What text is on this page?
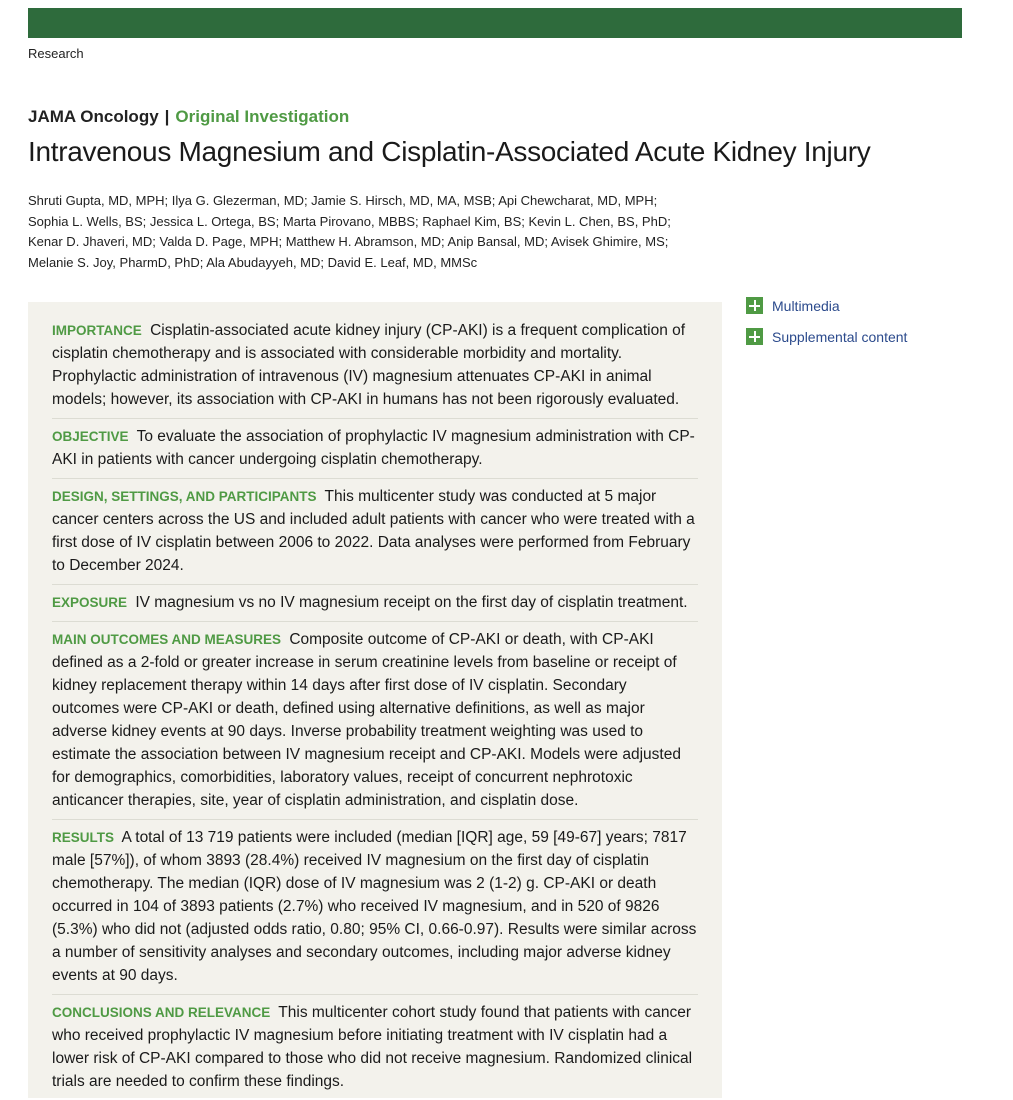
Research
JAMA Oncology | Original Investigation
Intravenous Magnesium and Cisplatin-Associated Acute Kidney Injury
Shruti Gupta, MD, MPH; Ilya G. Glezerman, MD; Jamie S. Hirsch, MD, MA, MSB; Api Chewcharat, MD, MPH;
Sophia L. Wells, BS; Jessica L. Ortega, BS; Marta Pirovano, MBBS; Raphael Kim, BS; Kevin L. Chen, BS, PhD;
Kenar D. Jhaveri, MD; Valda D. Page, MPH; Matthew H. Abramson, MD; Anip Bansal, MD; Avisek Ghimire, MS;
Melanie S. Joy, PharmD, PhD; Ala Abudayyeh, MD; David E. Leaf, MD, MMSc
IMPORTANCE Cisplatin-associated acute kidney injury (CP-AKI) is a frequent complication of cisplatin chemotherapy and is associated with considerable morbidity and mortality. Prophylactic administration of intravenous (IV) magnesium attenuates CP-AKI in animal models; however, its association with CP-AKI in humans has not been rigorously evaluated.
OBJECTIVE To evaluate the association of prophylactic IV magnesium administration with CP-AKI in patients with cancer undergoing cisplatin chemotherapy.
DESIGN, SETTINGS, AND PARTICIPANTS This multicenter study was conducted at 5 major cancer centers across the US and included adult patients with cancer who were treated with a first dose of IV cisplatin between 2006 to 2022. Data analyses were performed from February to December 2024.
EXPOSURE IV magnesium vs no IV magnesium receipt on the first day of cisplatin treatment.
MAIN OUTCOMES AND MEASURES Composite outcome of CP-AKI or death, with CP-AKI defined as a 2-fold or greater increase in serum creatinine levels from baseline or receipt of kidney replacement therapy within 14 days after first dose of IV cisplatin. Secondary outcomes were CP-AKI or death, defined using alternative definitions, as well as major adverse kidney events at 90 days. Inverse probability treatment weighting was used to estimate the association between IV magnesium receipt and CP-AKI. Models were adjusted for demographics, comorbidities, laboratory values, receipt of concurrent nephrotoxic anticancer therapies, site, year of cisplatin administration, and cisplatin dose.
RESULTS A total of 13 719 patients were included (median [IQR] age, 59 [49-67] years; 7817 male [57%]), of whom 3893 (28.4%) received IV magnesium on the first day of cisplatin chemotherapy. The median (IQR) dose of IV magnesium was 2 (1-2) g. CP-AKI or death occurred in 104 of 3893 patients (2.7%) who received IV magnesium, and in 520 of 9826 (5.3%) who did not (adjusted odds ratio, 0.80; 95% CI, 0.66-0.97). Results were similar across a number of sensitivity analyses and secondary outcomes, including major adverse kidney events at 90 days.
CONCLUSIONS AND RELEVANCE This multicenter cohort study found that patients with cancer who received prophylactic IV magnesium before initiating treatment with IV cisplatin had a lower risk of CP-AKI compared to those who did not receive magnesium. Randomized clinical trials are needed to confirm these findings.
Multimedia
Supplemental content
